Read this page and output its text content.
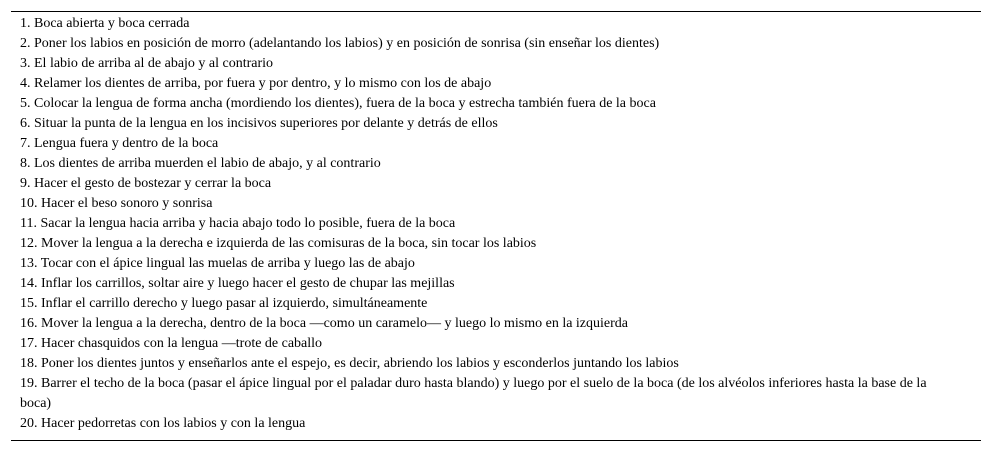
1. Boca abierta y boca cerrada
2. Poner los labios en posición de morro (adelantando los labios) y en posición de sonrisa (sin enseñar los dientes)
3. El labio de arriba al de abajo y al contrario
4. Relamer los dientes de arriba, por fuera y por dentro, y lo mismo con los de abajo
5. Colocar la lengua de forma ancha (mordiendo los dientes), fuera de la boca y estrecha también fuera de la boca
6. Situar la punta de la lengua en los incisivos superiores por delante y detrás de ellos
7. Lengua fuera y dentro de la boca
8. Los dientes de arriba muerden el labio de abajo, y al contrario
9. Hacer el gesto de bostezar y cerrar la boca
10. Hacer el beso sonoro y sonrisa
11. Sacar la lengua hacia arriba y hacia abajo todo lo posible, fuera de la boca
12. Mover la lengua a la derecha e izquierda de las comisuras de la boca, sin tocar los labios
13. Tocar con el ápice lingual las muelas de arriba y luego las de abajo
14. Inflar los carrillos, soltar aire y luego hacer el gesto de chupar las mejillas
15. Inflar el carrillo derecho y luego pasar al izquierdo, simultáneamente
16. Mover la lengua a la derecha, dentro de la boca —como un caramelo— y luego lo mismo en la izquierda
17. Hacer chasquidos con la lengua —trote de caballo
18. Poner los dientes juntos y enseñarlos ante el espejo, es decir, abriendo los labios y esconderlos juntando los labios
19. Barrer el techo de la boca (pasar el ápice lingual por el paladar duro hasta blando) y luego por el suelo de la boca (de los alvéolos inferiores hasta la base de la boca)
20. Hacer pedorretas con los labios y con la lengua
